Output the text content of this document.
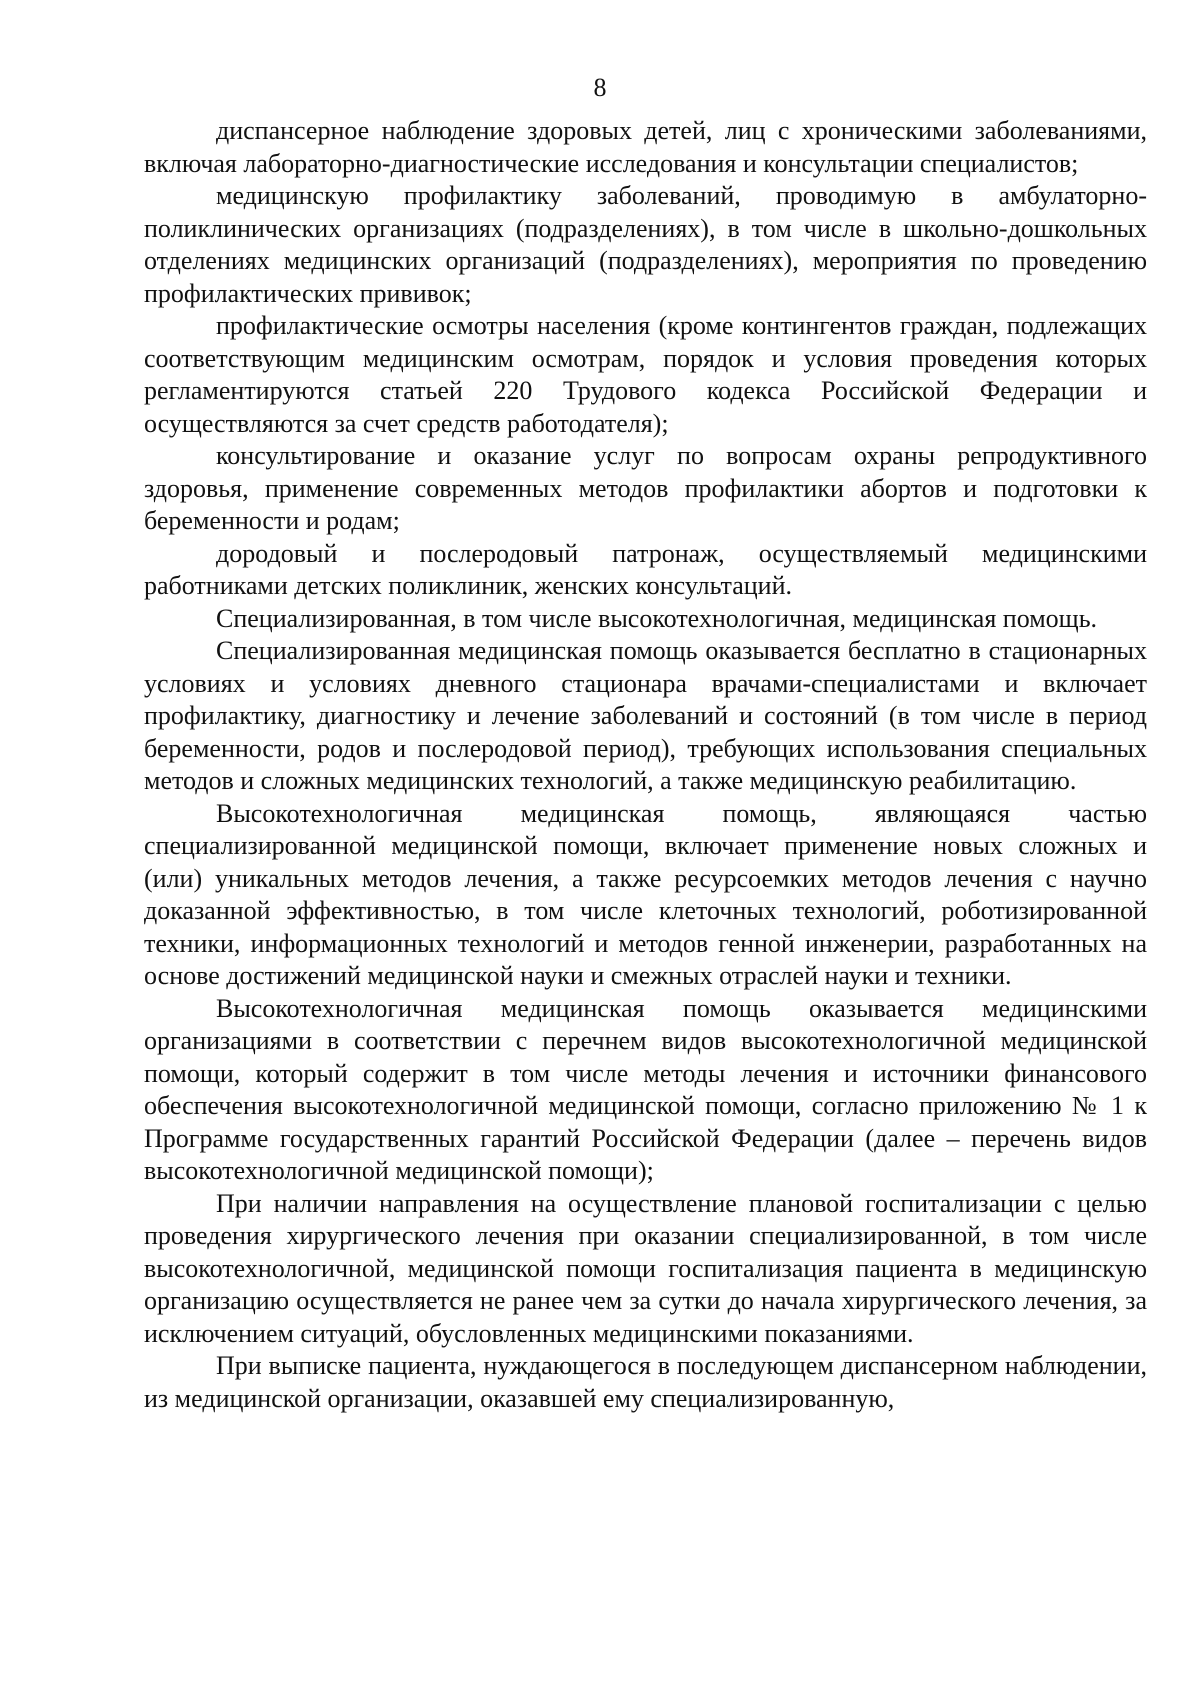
8

диспансерное наблюдение здоровых детей, лиц с хроническими заболеваниями, включая лабораторно-диагностические исследования и консультации специалистов;

медицинскую профилактику заболеваний, проводимую в амбулаторно-поликлинических организациях (подразделениях), в том числе в школьно-дошкольных отделениях медицинских организаций (подразделениях), мероприятия по проведению профилактических прививок;

профилактические осмотры населения (кроме контингентов граждан, подлежащих соответствующим медицинским осмотрам, порядок и условия проведения которых регламентируются статьей 220 Трудового кодекса Российской Федерации и осуществляются за счет средств работодателя);

консультирование и оказание услуг по вопросам охраны репродуктивного здоровья, применение современных методов профилактики абортов и подготовки к беременности и родам;

дородовый и послеродовый патронаж, осуществляемый медицинскими работниками детских поликлиник, женских консультаций.

Специализированная, в том числе высокотехнологичная, медицинская помощь.

Специализированная медицинская помощь оказывается бесплатно в стационарных условиях и условиях дневного стационара врачами-специалистами и включает профилактику, диагностику и лечение заболеваний и состояний (в том числе в период беременности, родов и послеродовой период), требующих использования специальных методов и сложных медицинских технологий, а также медицинскую реабилитацию.

Высокотехнологичная медицинская помощь, являющаяся частью специализированной медицинской помощи, включает применение новых сложных и (или) уникальных методов лечения, а также ресурсоемких методов лечения с научно доказанной эффективностью, в том числе клеточных технологий, роботизированной техники, информационных технологий и методов генной инженерии, разработанных на основе достижений медицинской науки и смежных отраслей науки и техники.

Высокотехнологичная медицинская помощь оказывается медицинскими организациями в соответствии с перечнем видов высокотехнологичной медицинской помощи, который содержит в том числе методы лечения и источники финансового обеспечения высокотехнологичной медицинской помощи, согласно приложению № 1 к Программе государственных гарантий Российской Федерации (далее – перечень видов высокотехнологичной медицинской помощи);

При наличии направления на осуществление плановой госпитализации с целью проведения хирургического лечения при оказании специализированной, в том числе высокотехнологичной, медицинской помощи госпитализация пациента в медицинскую организацию осуществляется не ранее чем за сутки до начала хирургического лечения, за исключением ситуаций, обусловленных медицинскими показаниями.

При выписке пациента, нуждающегося в последующем диспансерном наблюдении, из медицинской организации, оказавшей ему специализированную,
